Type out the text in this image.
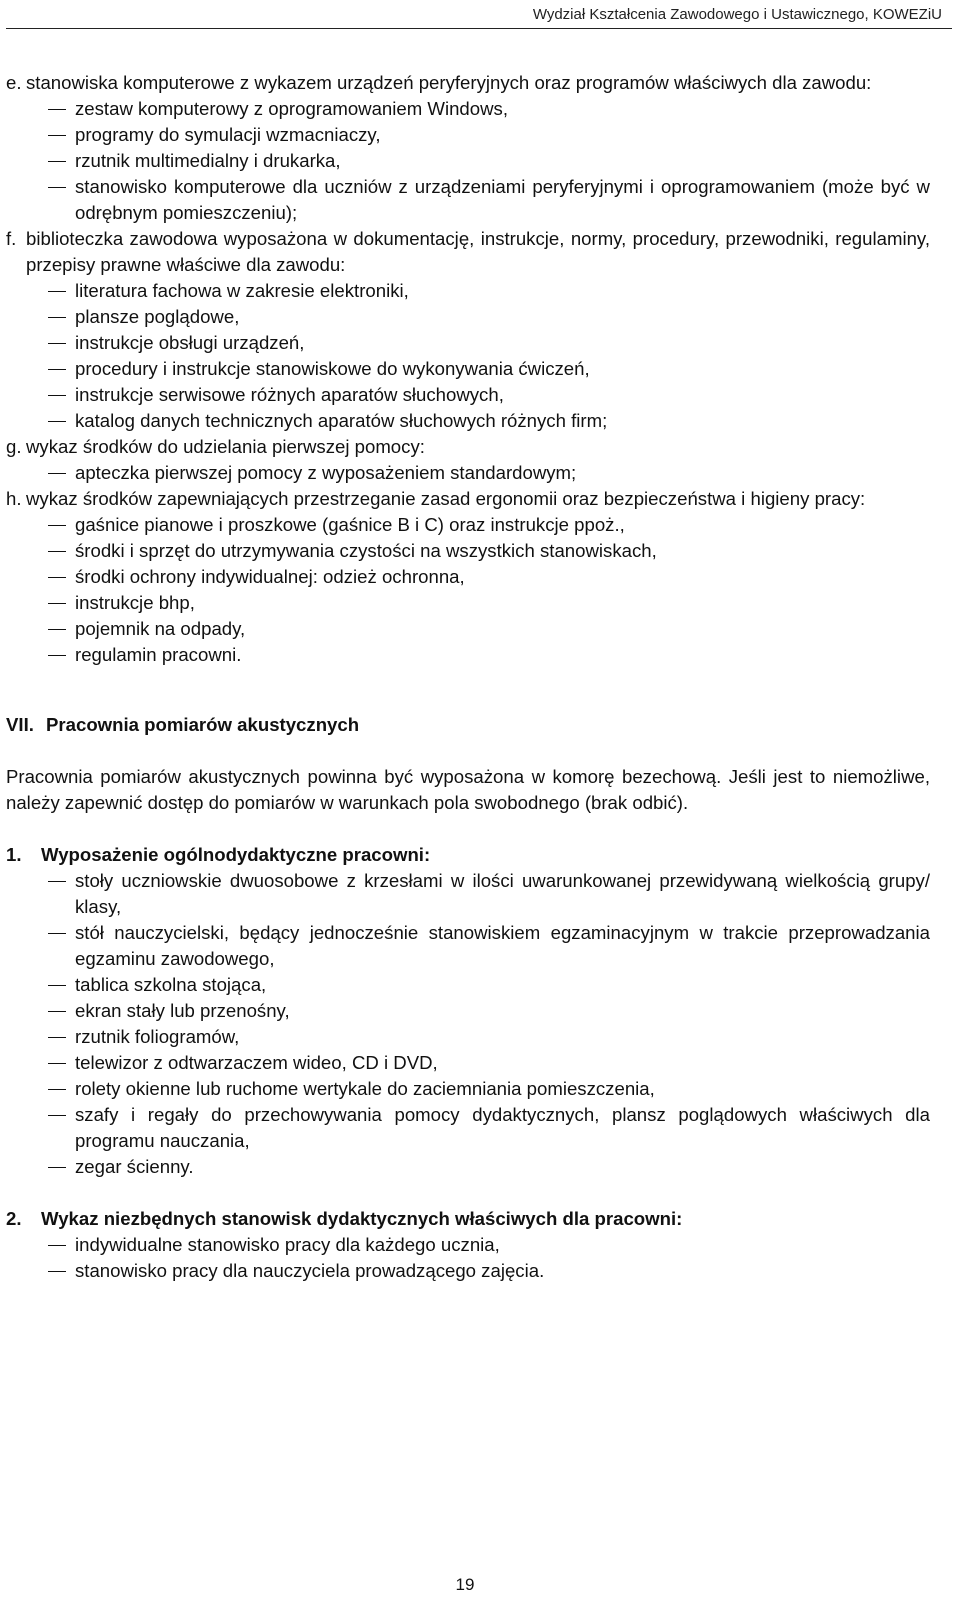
Wydział Kształcenia Zawodowego i Ustawicznego, KOWEZiU
e. stanowiska komputerowe z wykazem urządzeń peryferyjnych oraz programów właściwych dla zawodu:
zestaw komputerowy z oprogramowaniem Windows,
programy do symulacji wzmacniaczy,
rzutnik multimedialny i drukarka,
stanowisko komputerowe dla uczniów z urządzeniami peryferyjnymi i oprogramowaniem (może być w odrębnym pomieszczeniu);
f. biblioteczka zawodowa wyposażona w dokumentację, instrukcje, normy, procedury, przewodniki, regulaminy, przepisy prawne właściwe dla zawodu:
literatura fachowa w zakresie elektroniki,
plansze poglądowe,
instrukcje obsługi urządzeń,
procedury i instrukcje stanowiskowe do wykonywania ćwiczeń,
instrukcje serwisowe różnych aparatów słuchowych,
katalog danych technicznych aparatów słuchowych różnych firm;
g. wykaz środków do udzielania pierwszej pomocy:
apteczka pierwszej pomocy z wyposażeniem standardowym;
h. wykaz środków zapewniających przestrzeganie zasad ergonomii oraz bezpieczeństwa i higieny pracy:
gaśnice pianowe i proszkowe (gaśnice B i C) oraz instrukcje ppoż.,
środki i sprzęt do utrzymywania czystości na wszystkich stanowiskach,
środki ochrony indywidualnej: odzież ochronna,
instrukcje bhp,
pojemnik na odpady,
regulamin pracowni.
VII. Pracownia pomiarów akustycznych
Pracownia pomiarów akustycznych powinna być wyposażona w komorę bezechową. Jeśli jest to niemożliwe, należy zapewnić dostęp do pomiarów w warunkach pola swobodnego (brak odbić).
1. Wyposażenie ogólnodydaktyczne pracowni:
stoły uczniowskie dwuosobowe z krzesłami w ilości uwarunkowanej przewidywaną wielkością grupy/ klasy,
stół nauczycielski, będący jednocześnie stanowiskiem egzaminacyjnym w trakcie przeprowadzania egzaminu zawodowego,
tablica szkolna stojąca,
ekran stały lub przenośny,
rzutnik foliogramów,
telewizor z odtwarzaczem wideo, CD i DVD,
rolety okienne lub ruchome wertykale do zaciemniania pomieszczenia,
szafy i regały do przechowywania pomocy dydaktycznych, plansz poglądowych właściwych dla programu nauczania,
zegar ścienny.
2. Wykaz niezbędnych stanowisk dydaktycznych właściwych dla pracowni:
indywidualne stanowisko pracy dla każdego ucznia,
stanowisko pracy dla nauczyciela prowadzącego zajęcia.
19
